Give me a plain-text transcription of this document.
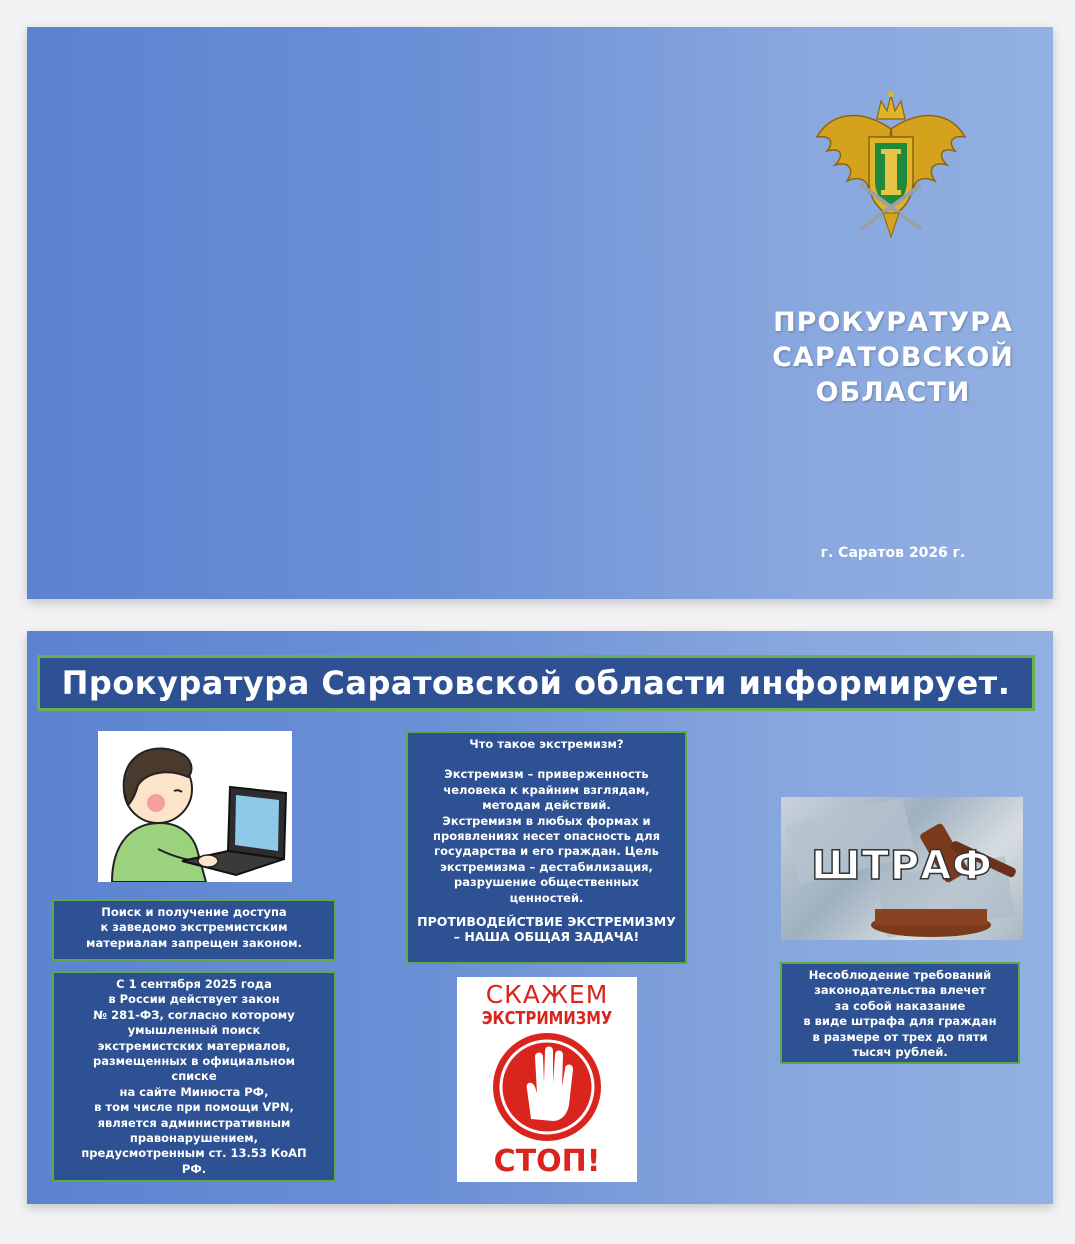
ПРОКУРАТУРА
САРАТОВСКОЙ
ОБЛАСТИ
г. Саратов 2026 г.
Прокуратура Саратовской области информирует.
Поиск и получение доступа
к заведомо экстремистским
материалам запрещен законом.
С 1 сентября 2025 года
в России действует закон
№ 281-ФЗ, согласно которому
умышленный поиск
экстремистских материалов,
размещенных в официальном
списке
на сайте Минюста РФ,
в том числе при помощи VPN,
является административным
правонарушением,
предусмотренным ст. 13.53 КоАП
РФ.
Что такое экстремизм?
Экстремизм – приверженность человека к крайним взглядам, методам действий.
Экстремизм в любых формах и проявлениях несет опасность для государства и его граждан. Цель экстремизма – дестабилизация, разрушение общественных ценностей.
ПРОТИВОДЕЙСТВИЕ ЭКСТРЕМИЗМУ – НАША ОБЩАЯ ЗАДАЧА!
СКАЖЕМ
ЭКСТРИМИЗМУ
СТОП!
ШТРАФ
Несоблюдение требований
законодательства влечет
за собой наказание
в виде штрафа для граждан
в размере от трех до пяти
тысяч рублей.
